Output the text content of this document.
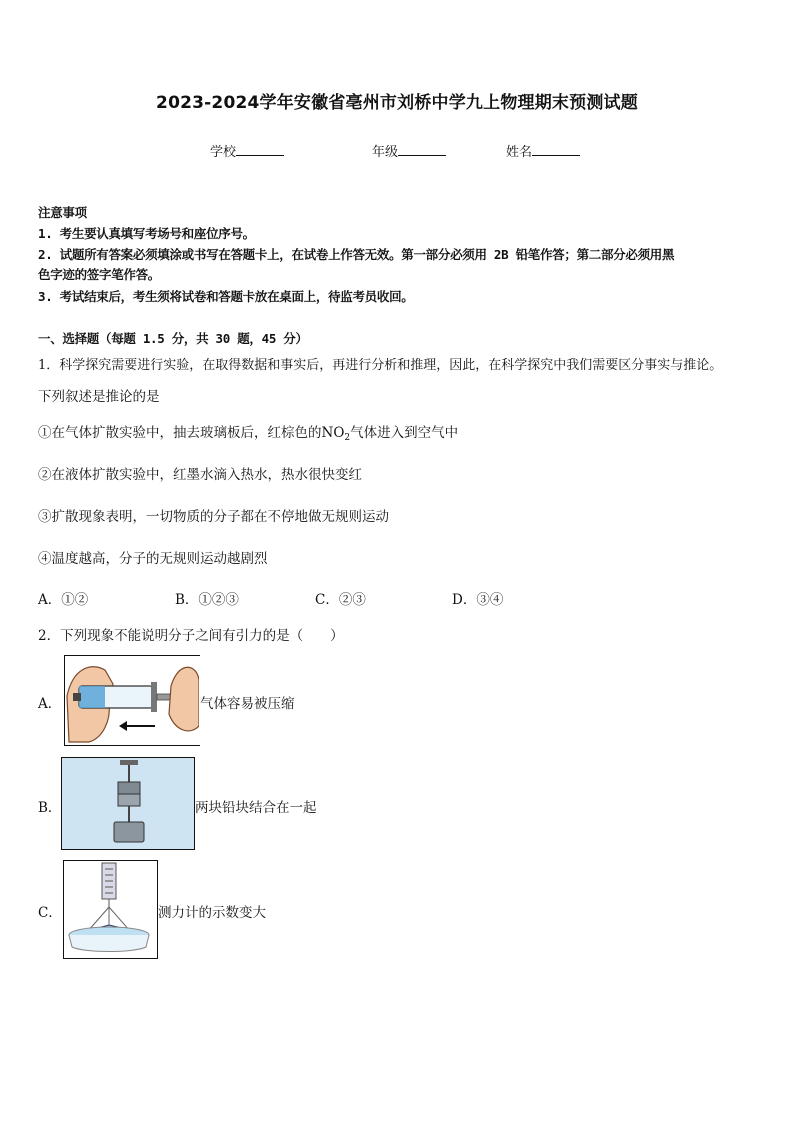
2023-2024学年安徽省亳州市刘桥中学九上物理期末预测试题
学校	年级	姓名
注意事项
1. 考生要认真填写考场号和座位序号。
2. 试题所有答案必须填涂或书写在答题卡上，在试卷上作答无效。第一部分必须用 2B 铅笔作答；第二部分必须用黑
色字迹的签字笔作答。
3. 考试结束后，考生须将试卷和答题卡放在桌面上，待监考员收回。
一、选择题（每题 1.5 分，共 30 题，45 分）
1．科学探究需要进行实验，在取得数据和事实后，再进行分析和推理，因此，在科学探究中我们需要区分事实与推论。
下列叙述是推论的是
①在气体扩散实验中，抽去玻璃板后，红棕色的$NO_2$气体进入到空气中
②在液体扩散实验中，红墨水滴入热水，热水很快变红
③扩散现象表明，一切物质的分子都在不停地做无规则运动
④温度越高，分子的无规则运动越剧烈
A．①②	B．①②③	C．②③	D．③④
2．下列现象不能说明分子之间有引力的是（　　）
A．	气体容易被压缩
B．	两块铅块结合在一起
C．	测力计的示数变大
